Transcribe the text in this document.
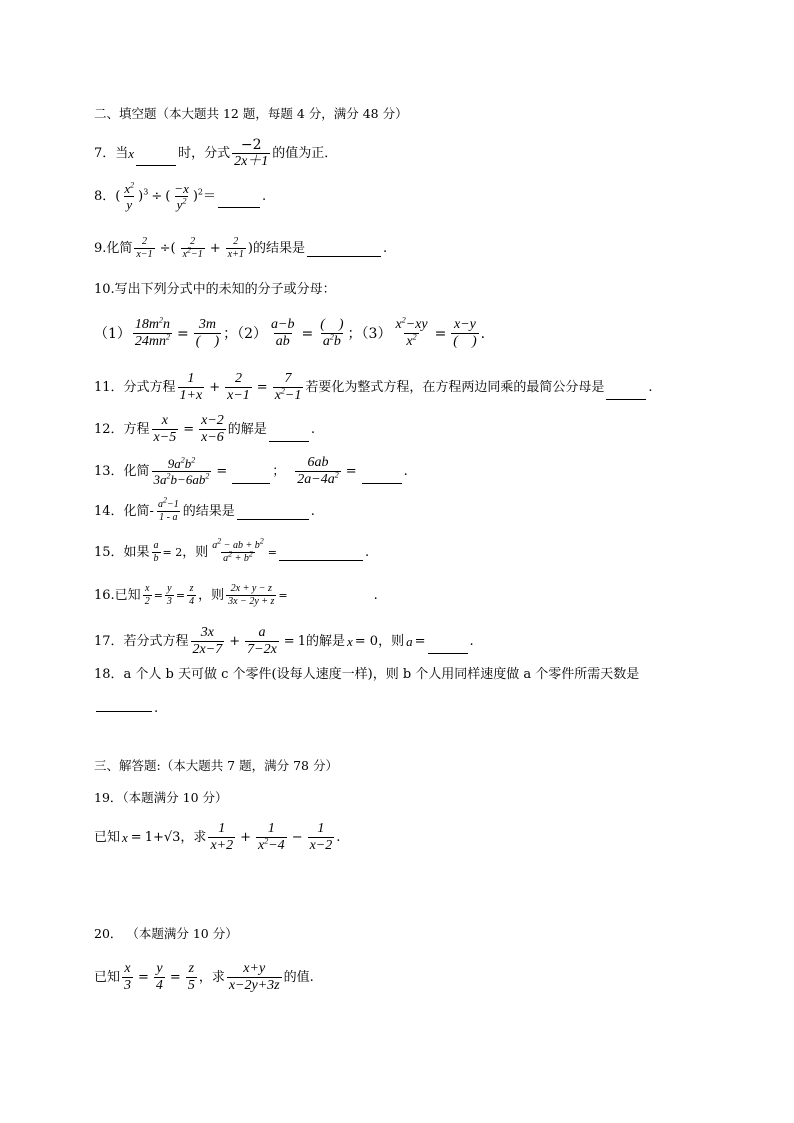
二、填空题（本大题共 12 题，每题 4 分，满分 48 分）
7．当 x	时，分式 $\frac{-2}{2x+1}$ 的值为正．
8． ( $\frac{x^2}{y} )^3$ ÷ ( $\frac{-x}{y^2} )^2$ ＝	.
9.化简 $\frac{2}{x-1}$ ÷( $\frac{2}{x^2-1} + \frac{2}{x+1}$ ) 的结果是	.
10.写出下列分式中的未知的分子或分母：
$(1) \frac{18m^2n}{24mn^2} = \frac{3m}{( )}$ ；$(2) \frac{a-b}{ab} = \frac{( )}{a^2b}$ ；$(3) \frac{x^2-xy}{x^2} = \frac{x-y}{( )}$ .
11．分式方程 $\frac{1}{1+x} + \frac{2}{x-1} = \frac{7}{x^2-1}$ 若要化为整式方程，在方程两边同乘的最简公分母是	.
12．方程 $\frac{x}{x-5} = \frac{x-2}{x-6}$ 的解是	.
13．化简 $\frac{9a^2b^2}{3a^2b-6ab^2}$ =	； $\frac{6ab}{2a-4a^2}$ =	.
14．化简 - $\frac{a^2-1}{1 - a}$ 的结果是	.
15．如果 $\frac{a}{b} = 2$ ，则 $\frac{a^2 - ab + b^2}{a^2 + b^2}$ =	.
16.已知 $\frac{x}{2} = \frac{y}{3} = \frac{z}{4}$ ，则 $\frac{2x + y - z}{3x - 2y + z}$ =	.
17．若分式方程 $\frac{3x}{2x-7} + \frac{a}{7-2x} = 1$ 的解是 x = 0 ，则 a =	.
18．a 个人 b 天可做 c 个零件(设每人速度一样)，则 b 个人用同样速度做 a 个零件所需天数是
.
三、解答题:（本大题共 7 题，满分 78 分）
19．（本题满分 10 分）
已知 x = 1+√3 ，求 $\frac{1}{x+2} + \frac{1}{x^2-4} - \frac{1}{x-2}$ .
20． （本题满分 10 分）
已知 $\frac{x}{3} = \frac{y}{4} = \frac{z}{5}$ ，求 $\frac{x+y}{x-2y+3z}$ 的值.
